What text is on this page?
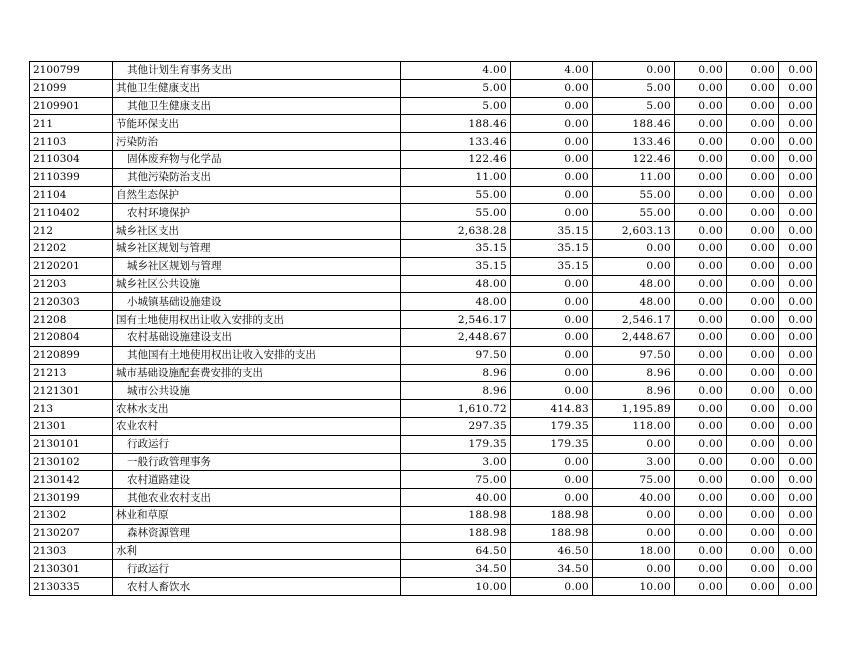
2100799	其他计划生育事务支出	4.00	4.00	0.00	0.00	0.00	0.00
21099	其他卫生健康支出	5.00	0.00	5.00	0.00	0.00	0.00
2109901	其他卫生健康支出	5.00	0.00	5.00	0.00	0.00	0.00
211	节能环保支出	188.46	0.00	188.46	0.00	0.00	0.00
21103	污染防治	133.46	0.00	133.46	0.00	0.00	0.00
2110304	固体废弃物与化学品	122.46	0.00	122.46	0.00	0.00	0.00
2110399	其他污染防治支出	11.00	0.00	11.00	0.00	0.00	0.00
21104	自然生态保护	55.00	0.00	55.00	0.00	0.00	0.00
2110402	农村环境保护	55.00	0.00	55.00	0.00	0.00	0.00
212	城乡社区支出	2,638.28	35.15	2,603.13	0.00	0.00	0.00
21202	城乡社区规划与管理	35.15	35.15	0.00	0.00	0.00	0.00
2120201	城乡社区规划与管理	35.15	35.15	0.00	0.00	0.00	0.00
21203	城乡社区公共设施	48.00	0.00	48.00	0.00	0.00	0.00
2120303	小城镇基础设施建设	48.00	0.00	48.00	0.00	0.00	0.00
21208	国有土地使用权出让收入安排的支出	2,546.17	0.00	2,546.17	0.00	0.00	0.00
2120804	农村基础设施建设支出	2,448.67	0.00	2,448.67	0.00	0.00	0.00
2120899	其他国有土地使用权出让收入安排的支出	97.50	0.00	97.50	0.00	0.00	0.00
21213	城市基础设施配套费安排的支出	8.96	0.00	8.96	0.00	0.00	0.00
2121301	城市公共设施	8.96	0.00	8.96	0.00	0.00	0.00
213	农林水支出	1,610.72	414.83	1,195.89	0.00	0.00	0.00
21301	农业农村	297.35	179.35	118.00	0.00	0.00	0.00
2130101	行政运行	179.35	179.35	0.00	0.00	0.00	0.00
2130102	一般行政管理事务	3.00	0.00	3.00	0.00	0.00	0.00
2130142	农村道路建设	75.00	0.00	75.00	0.00	0.00	0.00
2130199	其他农业农村支出	40.00	0.00	40.00	0.00	0.00	0.00
21302	林业和草原	188.98	188.98	0.00	0.00	0.00	0.00
2130207	森林资源管理	188.98	188.98	0.00	0.00	0.00	0.00
21303	水利	64.50	46.50	18.00	0.00	0.00	0.00
2130301	行政运行	34.50	34.50	0.00	0.00	0.00	0.00
2130335	农村人畜饮水	10.00	0.00	10.00	0.00	0.00	0.00
